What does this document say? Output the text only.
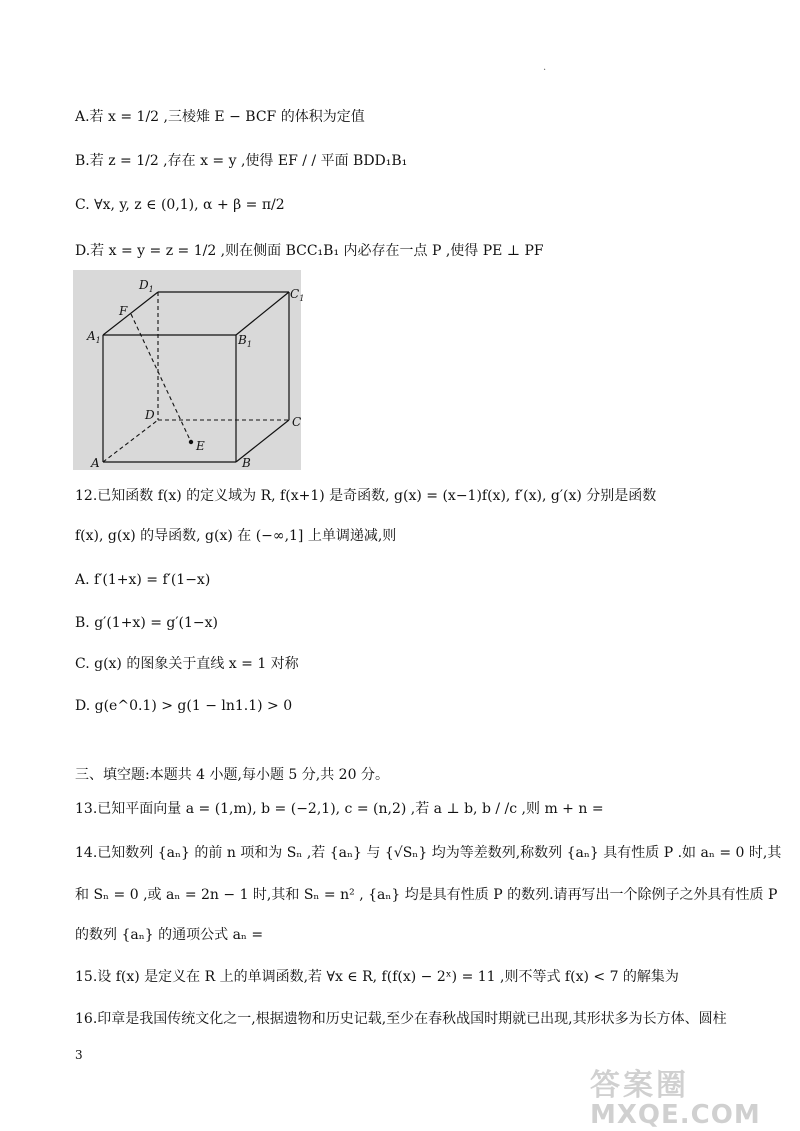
.
A.若 x = 1/2 ,三棱雉 E − BCF 的体积为定值
B.若 z = 1/2 ,存在 x = y ,使得 EF / / 平面 BDD₁B₁
C. ∀x, y, z ∈ (0,1), α + β = π/2
D.若 x = y = z = 1/2 ,则在侧面 BCC₁B₁ 内必存在一点 P ,使得 PE ⊥ PF
$A_1$
$D_1$	$C_1$
$B_1$
F
D	C
A	B
E
12.已知函数 f(x) 的定义域为 R, f(x+1) 是奇函数, g(x) = (x−1)f(x), f′(x), g′(x) 分别是函数
f(x), g(x) 的导函数, g(x) 在 (−∞,1] 上单调递减,则
A. f′(1+x) = f′(1−x)
B. g′(1+x) = g′(1−x)
C. g(x) 的图象关于直线 x = 1 对称
D. g(e^0.1) > g(1 − ln1.1) > 0
三、填空题:本题共 4 小题,每小题 5 分,共 20 分。
13.已知平面向量 a = (1,m), b = (−2,1), c = (n,2) ,若 a ⊥ b, b / /c ,则 m + n =
14.已知数列 {aₙ} 的前 n 项和为 Sₙ ,若 {aₙ} 与 {√Sₙ} 均为等差数列,称数列 {aₙ} 具有性质 P .如 aₙ = 0 时,其
和 Sₙ = 0 ,或 aₙ = 2n − 1 时,其和 Sₙ = n² , {aₙ} 均是具有性质 P 的数列.请再写出一个除例子之外具有性质 P
的数列 {aₙ} 的通项公式 aₙ =
15.设 f(x) 是定义在 R 上的单调函数,若 ∀x ∈ R, f(f(x) − 2ˣ) = 11 ,则不等式 f(x) < 7 的解集为
16.印章是我国传统文化之一,根据遗物和历史记载,至少在春秋战国时期就已出现,其形状多为长方体、圆柱
3
答案圈
MXQE.COM
